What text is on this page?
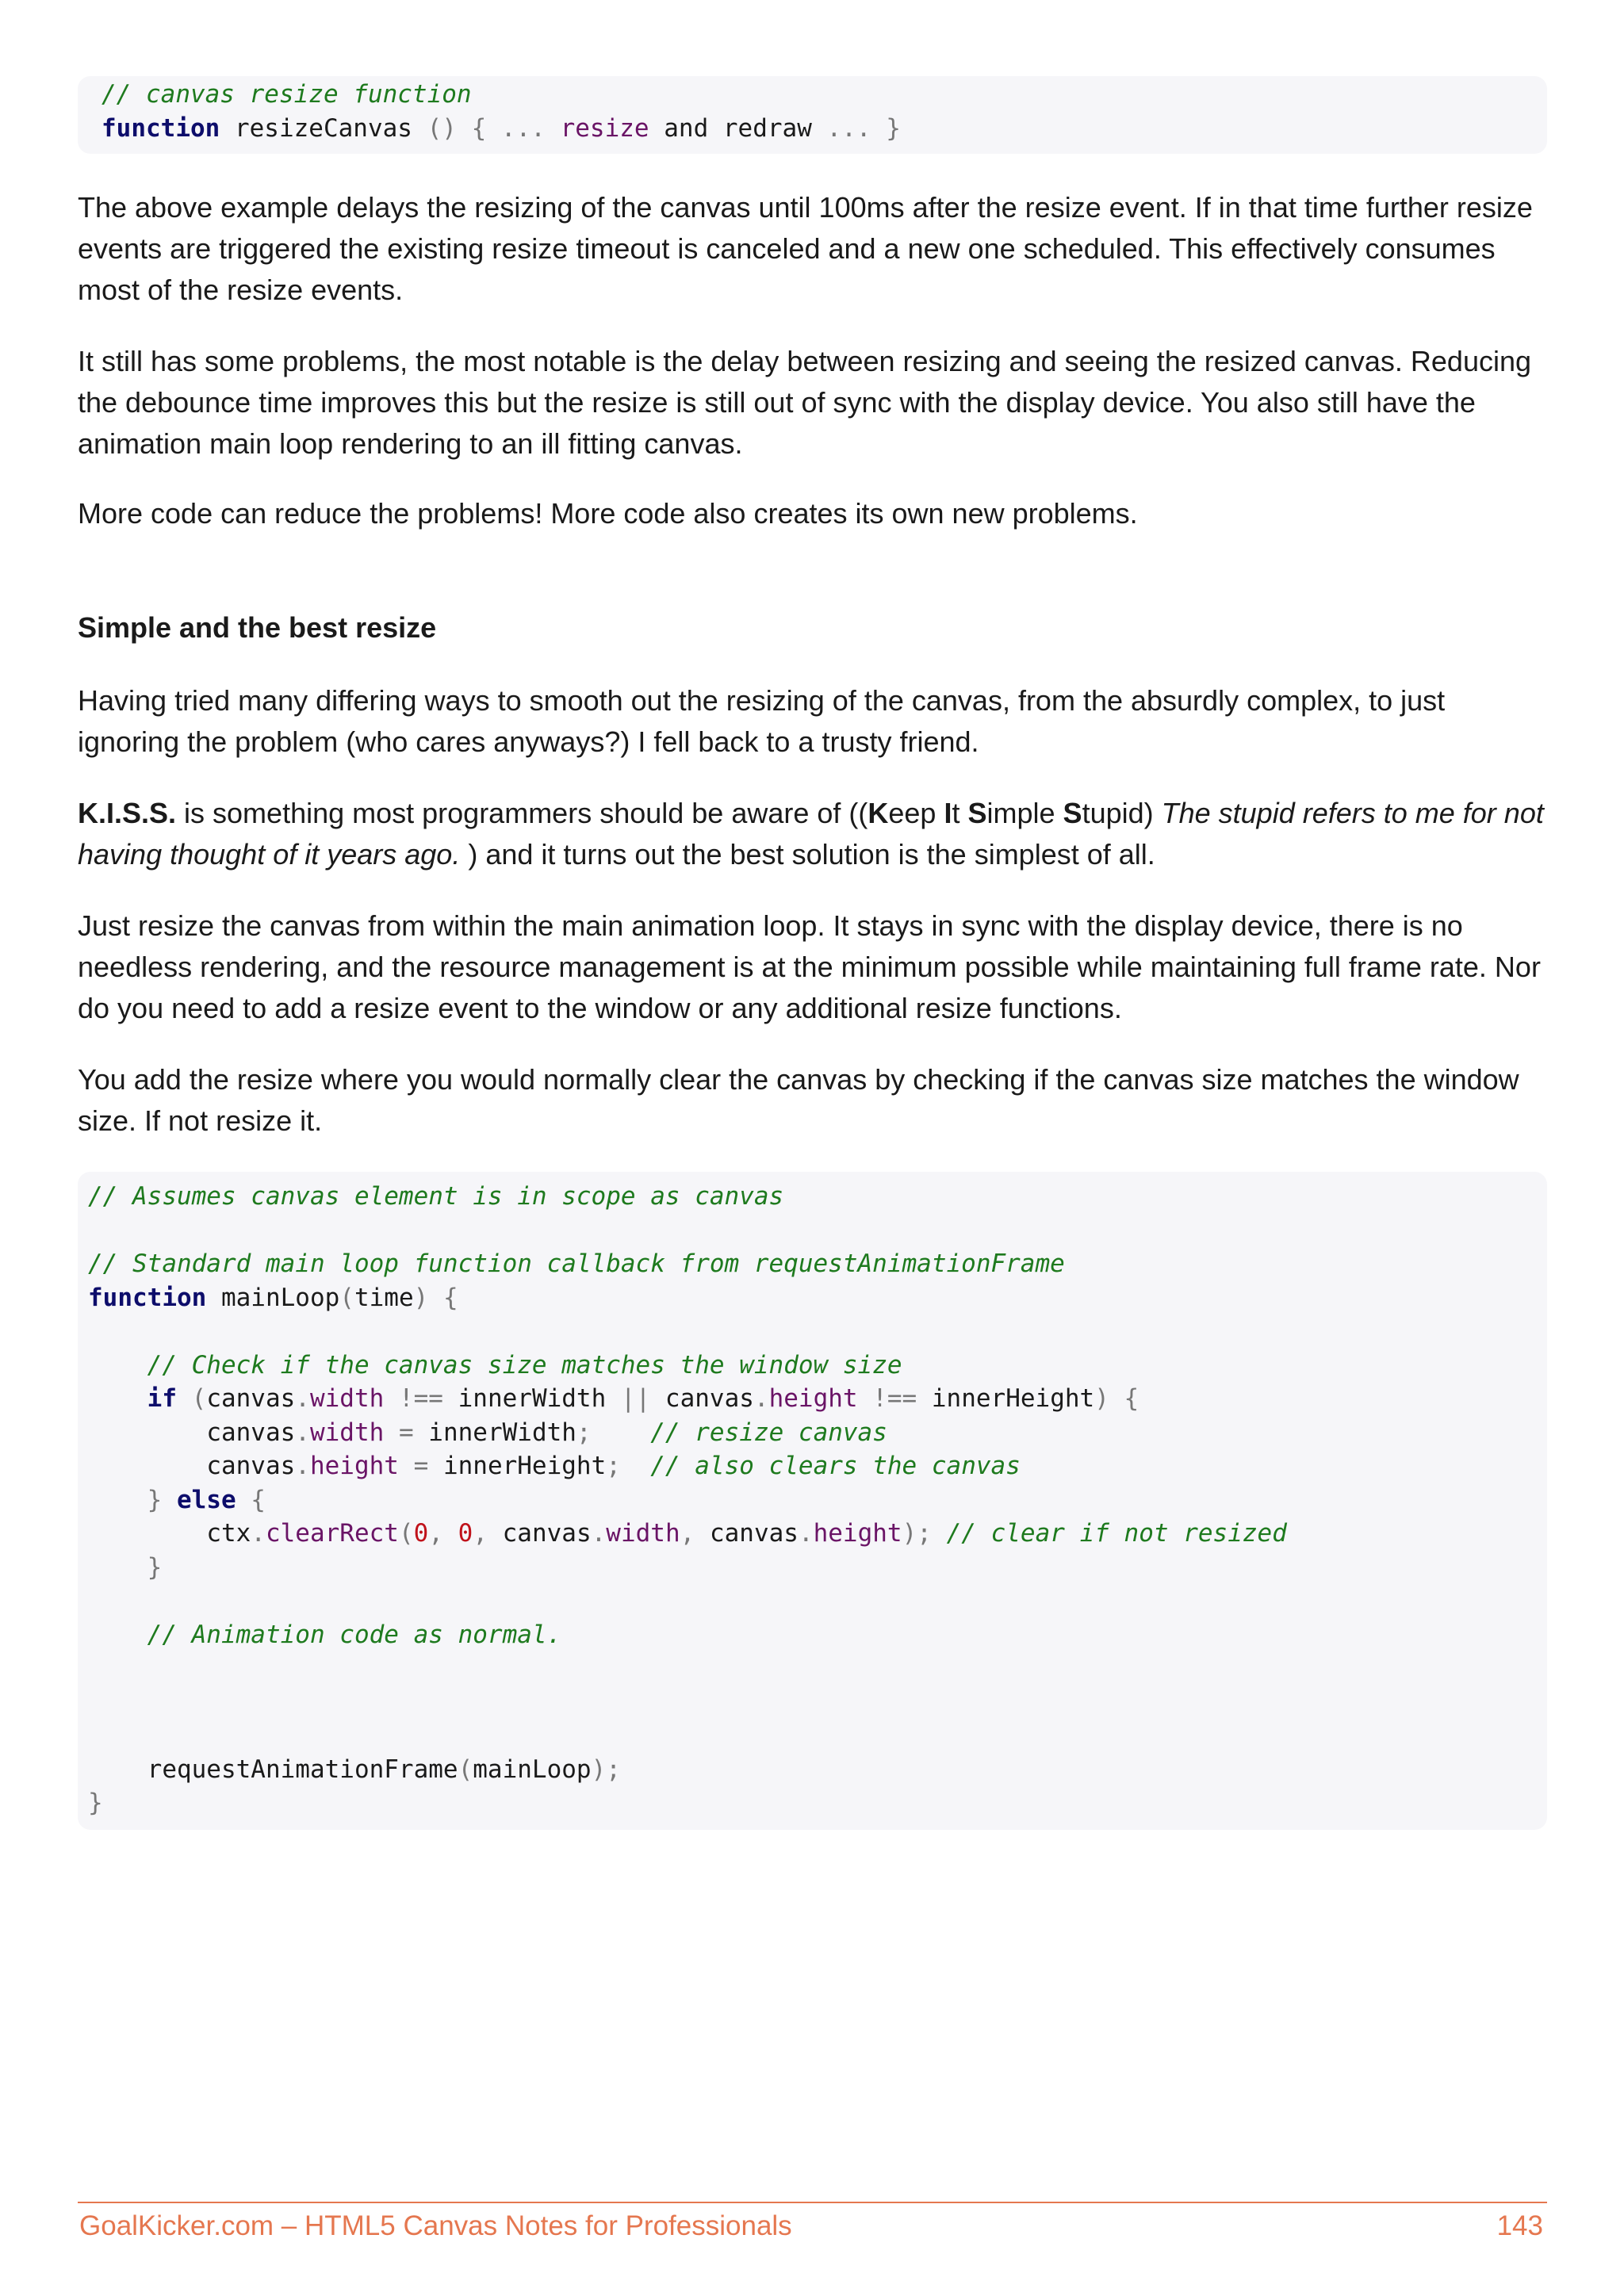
// canvas resize function
function resizeCanvas () { ... resize and redraw ... }

The above example delays the resizing of the canvas until 100ms after the resize event. If in that time further resize events are triggered the existing resize timeout is canceled and a new one scheduled. This effectively consumes most of the resize events.

It still has some problems, the most notable is the delay between resizing and seeing the resized canvas. Reducing the debounce time improves this but the resize is still out of sync with the display device. You also still have the animation main loop rendering to an ill fitting canvas.

More code can reduce the problems! More code also creates its own new problems.

Simple and the best resize

Having tried many differing ways to smooth out the resizing of the canvas, from the absurdly complex, to just ignoring the problem (who cares anyways?) I fell back to a trusty friend.

K.I.S.S. is something most programmers should be aware of ((Keep It Simple Stupid) The stupid refers to me for not having thought of it years ago. ) and it turns out the best solution is the simplest of all.

Just resize the canvas from within the main animation loop. It stays in sync with the display device, there is no needless rendering, and the resource management is at the minimum possible while maintaining full frame rate. Nor do you need to add a resize event to the window or any additional resize functions.

You add the resize where you would normally clear the canvas by checking if the canvas size matches the window size. If not resize it.

// Assumes canvas element is in scope as canvas
// Standard main loop function callback from requestAnimationFrame
function mainLoop(time) {
// Check if the canvas size matches the window size
if (canvas.width !== innerWidth || canvas.height !== innerHeight) {
canvas.width = innerWidth; // resize canvas
canvas.height = innerHeight; // also clears the canvas
} else {
ctx.clearRect(0, 0, canvas.width, canvas.height); // clear if not resized
}
// Animation code as normal.
requestAnimationFrame(mainLoop);
}
GoalKicker.com – HTML5 Canvas Notes for Professionals	143
